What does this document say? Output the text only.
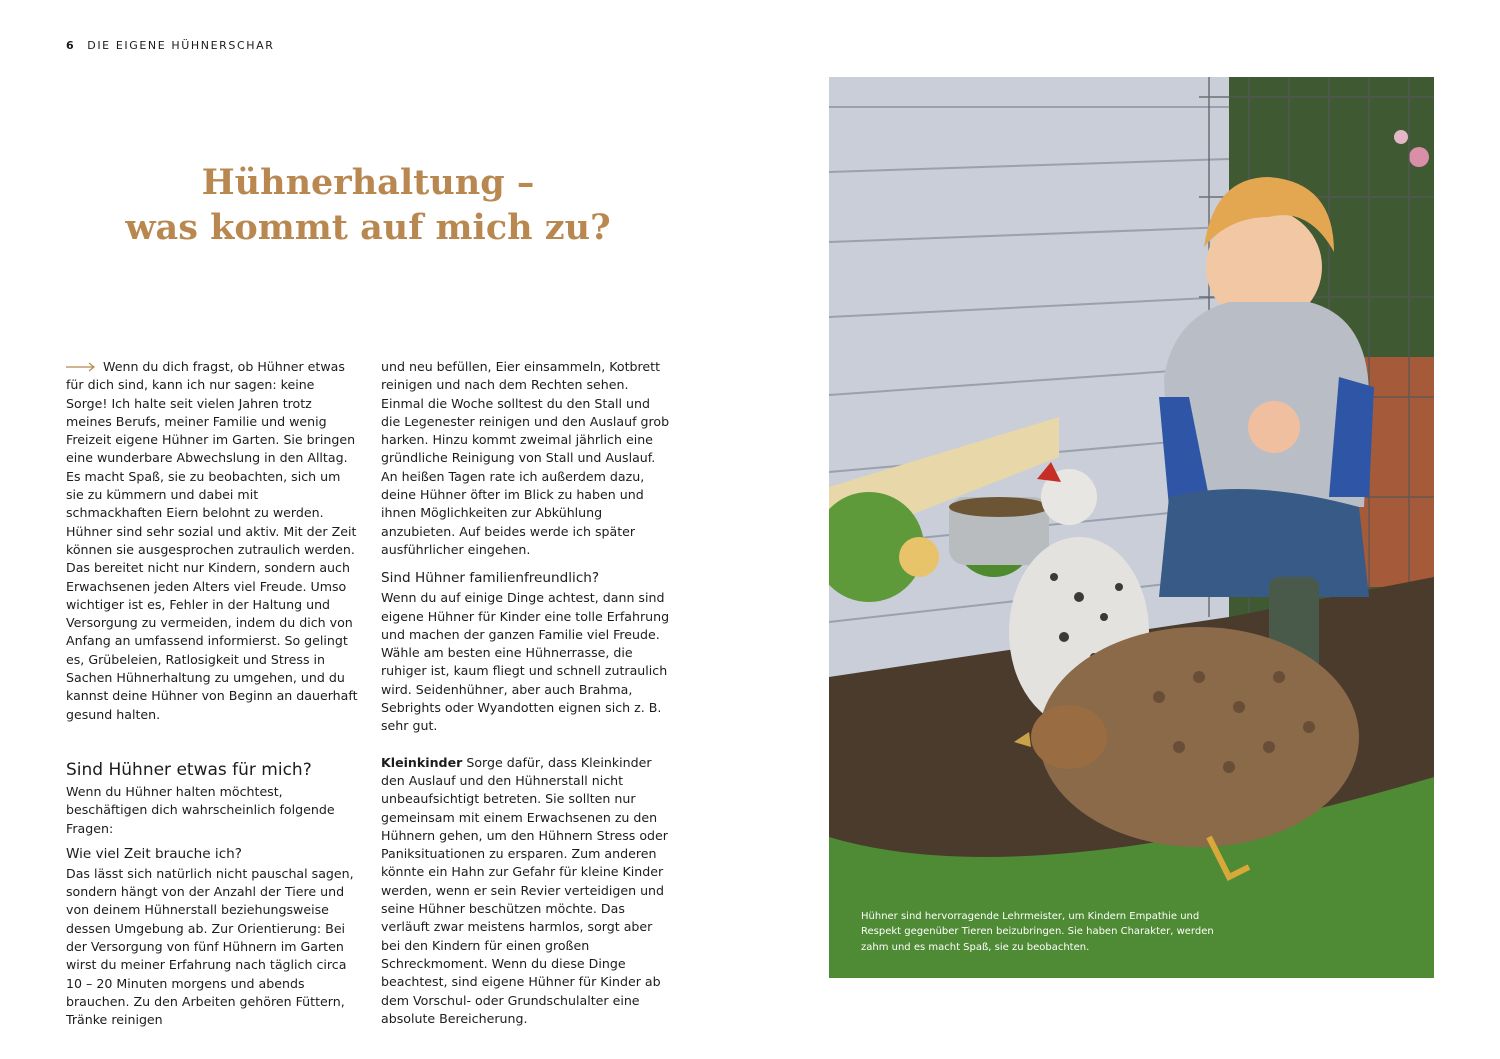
6 DIE EIGENE HÜHNERSCHAR
Hühnerhaltung –
was kommt auf mich zu?

Wenn du dich fragst, ob Hühner etwas für dich sind, kann ich nur sagen: keine Sorge! Ich halte seit vielen Jahren trotz meines Berufs, meiner Familie und wenig Freizeit eigene Hühner im Garten. Sie bringen eine wunderbare Abwechslung in den Alltag. Es macht Spaß, sie zu beobachten, sich um sie zu kümmern und dabei mit schmackhaften Eiern belohnt zu werden. Hühner sind sehr sozial und aktiv. Mit der Zeit können sie ausgesprochen zutraulich werden. Das bereitet nicht nur Kindern, sondern auch Erwachsenen jeden Alters viel Freude. Umso wichtiger ist es, Fehler in der Haltung und Versorgung zu vermeiden, indem du dich von Anfang an umfassend informierst. So gelingt es, Grübeleien, Ratlosigkeit und Stress in Sachen Hühnerhaltung zu umgehen, und du kannst deine Hühner von Beginn an dauerhaft gesund halten.

Sind Hühner etwas für mich?

Wenn du Hühner halten möchtest, beschäftigen dich wahrscheinlich folgende Fragen:

Wie viel Zeit brauche ich?

Das lässt sich natürlich nicht pauschal sagen, sondern hängt von der Anzahl der Tiere und von deinem Hühnerstall beziehungsweise dessen Umgebung ab. Zur Orientierung: Bei der Versorgung von fünf Hühnern im Garten wirst du meiner Erfahrung nach täglich circa 10 – 20 Minuten morgens und abends brauchen. Zu den Arbeiten gehören Füttern, Tränke reinigen

und neu befüllen, Eier einsammeln, Kotbrett reinigen und nach dem Rechten sehen. Einmal die Woche solltest du den Stall und die Legenester reinigen und den Auslauf grob harken. Hinzu kommt zweimal jährlich eine gründliche Reinigung von Stall und Auslauf. An heißen Tagen rate ich außerdem dazu, deine Hühner öfter im Blick zu haben und ihnen Möglichkeiten zur Abkühlung anzubieten. Auf beides werde ich später ausführlicher eingehen.

Sind Hühner familienfreundlich?

Wenn du auf einige Dinge achtest, dann sind eigene Hühner für Kinder eine tolle Erfahrung und machen der ganzen Familie viel Freude. Wähle am besten eine Hühnerrasse, die ruhiger ist, kaum fliegt und schnell zutraulich wird. Seidenhühner, aber auch Brahma, Sebrights oder Wyandotten eignen sich z. B. sehr gut.

Kleinkinder Sorge dafür, dass Kleinkinder den Auslauf und den Hühnerstall nicht unbeaufsichtigt betreten. Sie sollten nur gemeinsam mit einem Erwachsenen zu den Hühnern gehen, um den Hühnern Stress oder Paniksituationen zu ersparen. Zum anderen könnte ein Hahn zur Gefahr für kleine Kinder werden, wenn er sein Revier verteidigen und seine Hühner beschützen möchte. Das verläuft zwar meistens harmlos, sorgt aber bei den Kindern für einen großen Schreckmoment. Wenn du diese Dinge beachtest, sind eigene Hühner für Kinder ab dem Vorschul- oder Grundschulalter eine absolute Bereicherung.

Hühner sind hervorragende Lehrmeister, um Kindern Empathie und Respekt gegenüber Tieren beizubringen. Sie haben Charakter, werden zahm und es macht Spaß, sie zu beobachten.
